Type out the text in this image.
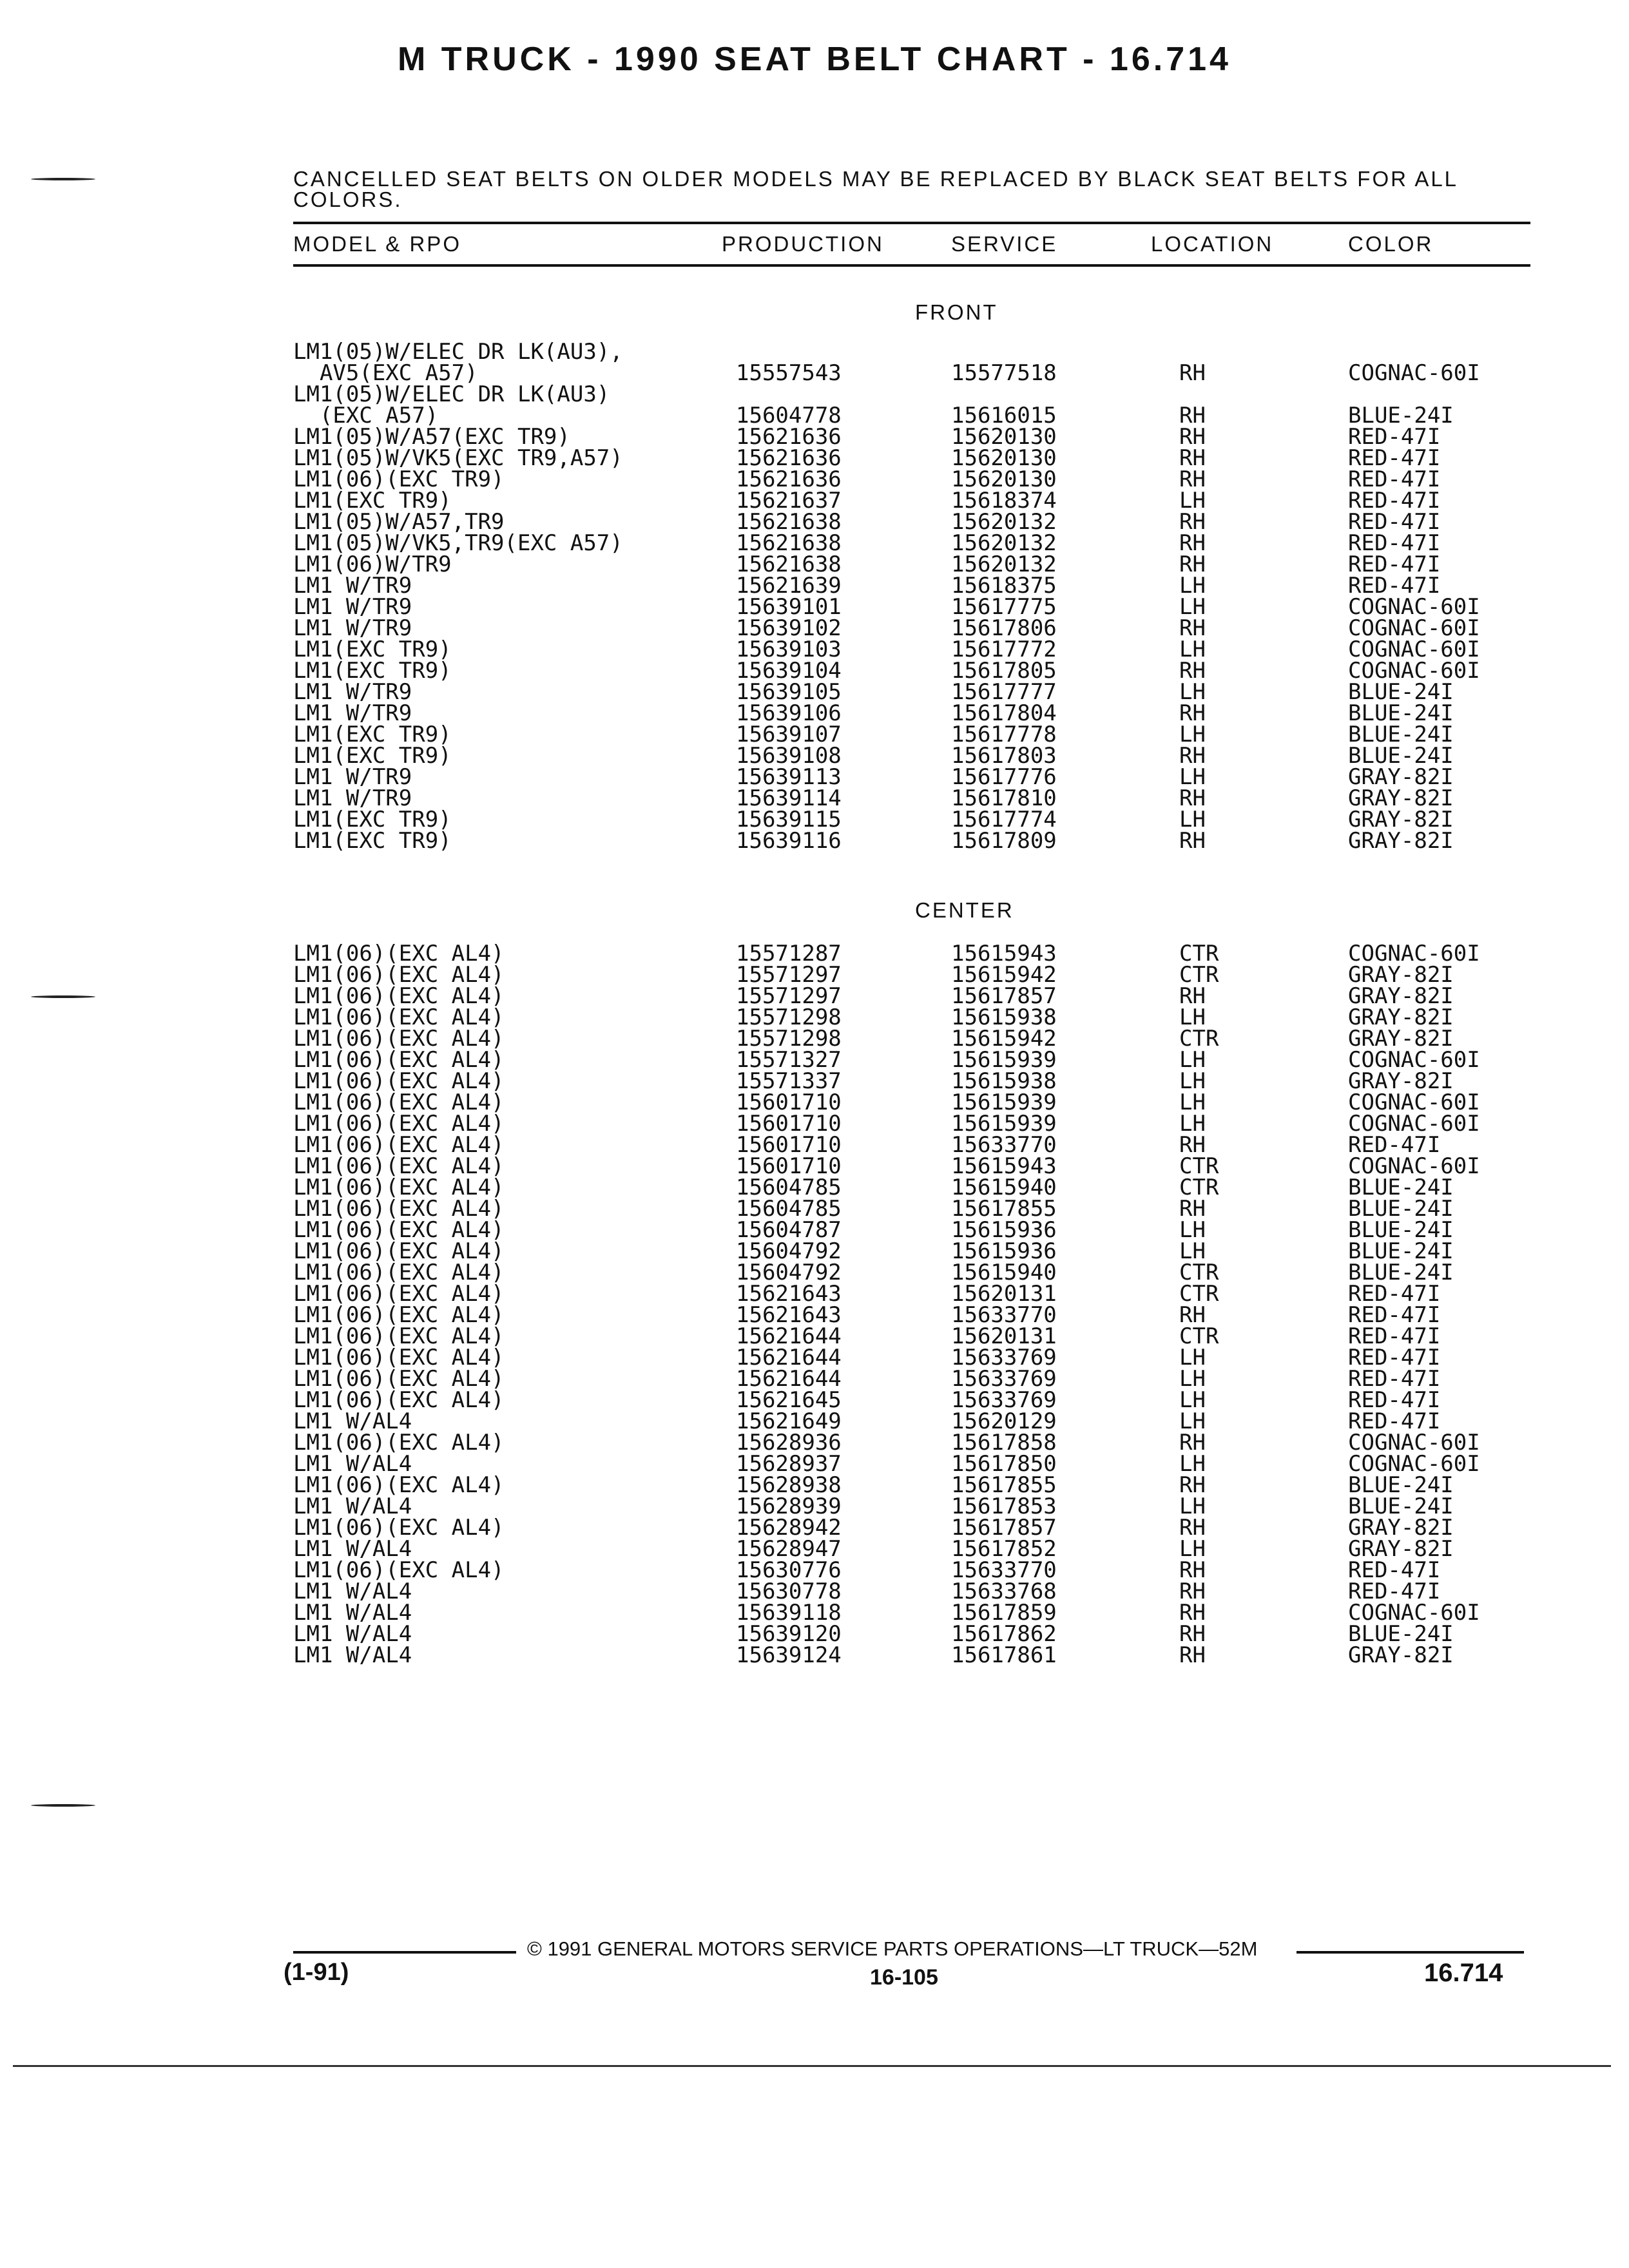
M TRUCK - 1990 SEAT BELT CHART - 16.714
CANCELLED SEAT BELTS ON OLDER MODELS MAY BE REPLACED BY BLACK SEAT BELTS FOR ALL COLORS.
MODEL & RPO	PRODUCTION	SERVICE	LOCATION	COLOR
FRONT
LM1(05)W/ELEC DR LK(AU3),
AV5(EXC A57)	15557543	15577518	RH	COGNAC-60I
LM1(05)W/ELEC DR LK(AU3)
(EXC A57)	15604778	15616015	RH	BLUE-24I
LM1(05)W/A57(EXC TR9)	15621636	15620130	RH	RED-47I
LM1(05)W/VK5(EXC TR9,A57)	15621636	15620130	RH	RED-47I
LM1(06)(EXC TR9)	15621636	15620130	RH	RED-47I
LM1(EXC TR9)	15621637	15618374	LH	RED-47I
LM1(05)W/A57,TR9	15621638	15620132	RH	RED-47I
LM1(05)W/VK5,TR9(EXC A57)	15621638	15620132	RH	RED-47I
LM1(06)W/TR9	15621638	15620132	RH	RED-47I
LM1 W/TR9	15621639	15618375	LH	RED-47I
LM1 W/TR9	15639101	15617775	LH	COGNAC-60I
LM1 W/TR9	15639102	15617806	RH	COGNAC-60I
LM1(EXC TR9)	15639103	15617772	LH	COGNAC-60I
LM1(EXC TR9)	15639104	15617805	RH	COGNAC-60I
LM1 W/TR9	15639105	15617777	LH	BLUE-24I
LM1 W/TR9	15639106	15617804	RH	BLUE-24I
LM1(EXC TR9)	15639107	15617778	LH	BLUE-24I
LM1(EXC TR9)	15639108	15617803	RH	BLUE-24I
LM1 W/TR9	15639113	15617776	LH	GRAY-82I
LM1 W/TR9	15639114	15617810	RH	GRAY-82I
LM1(EXC TR9)	15639115	15617774	LH	GRAY-82I
LM1(EXC TR9)	15639116	15617809	RH	GRAY-82I
CENTER
LM1(06)(EXC AL4)	15571287	15615943	CTR	COGNAC-60I
LM1(06)(EXC AL4)	15571297	15615942	CTR	GRAY-82I
LM1(06)(EXC AL4)	15571297	15617857	RH	GRAY-82I
LM1(06)(EXC AL4)	15571298	15615938	LH	GRAY-82I
LM1(06)(EXC AL4)	15571298	15615942	CTR	GRAY-82I
LM1(06)(EXC AL4)	15571327	15615939	LH	COGNAC-60I
LM1(06)(EXC AL4)	15571337	15615938	LH	GRAY-82I
LM1(06)(EXC AL4)	15601710	15615939	LH	COGNAC-60I
LM1(06)(EXC AL4)	15601710	15615939	LH	COGNAC-60I
LM1(06)(EXC AL4)	15601710	15633770	RH	RED-47I
LM1(06)(EXC AL4)	15601710	15615943	CTR	COGNAC-60I
LM1(06)(EXC AL4)	15604785	15615940	CTR	BLUE-24I
LM1(06)(EXC AL4)	15604785	15617855	RH	BLUE-24I
LM1(06)(EXC AL4)	15604787	15615936	LH	BLUE-24I
LM1(06)(EXC AL4)	15604792	15615936	LH	BLUE-24I
LM1(06)(EXC AL4)	15604792	15615940	CTR	BLUE-24I
LM1(06)(EXC AL4)	15621643	15620131	CTR	RED-47I
LM1(06)(EXC AL4)	15621643	15633770	RH	RED-47I
LM1(06)(EXC AL4)	15621644	15620131	CTR	RED-47I
LM1(06)(EXC AL4)	15621644	15633769	LH	RED-47I
LM1(06)(EXC AL4)	15621644	15633769	LH	RED-47I
LM1(06)(EXC AL4)	15621645	15633769	LH	RED-47I
LM1 W/AL4	15621649	15620129	LH	RED-47I
LM1(06)(EXC AL4)	15628936	15617858	RH	COGNAC-60I
LM1 W/AL4	15628937	15617850	LH	COGNAC-60I
LM1(06)(EXC AL4)	15628938	15617855	RH	BLUE-24I
LM1 W/AL4	15628939	15617853	LH	BLUE-24I
LM1(06)(EXC AL4)	15628942	15617857	RH	GRAY-82I
LM1 W/AL4	15628947	15617852	LH	GRAY-82I
LM1(06)(EXC AL4)	15630776	15633770	RH	RED-47I
LM1 W/AL4	15630778	15633768	RH	RED-47I
LM1 W/AL4	15639118	15617859	RH	COGNAC-60I
LM1 W/AL4	15639120	15617862	RH	BLUE-24I
LM1 W/AL4	15639124	15617861	RH	GRAY-82I
© 1991 GENERAL MOTORS SERVICE PARTS OPERATIONS—LT TRUCK—52M
(1-91)	16-105	16.714
